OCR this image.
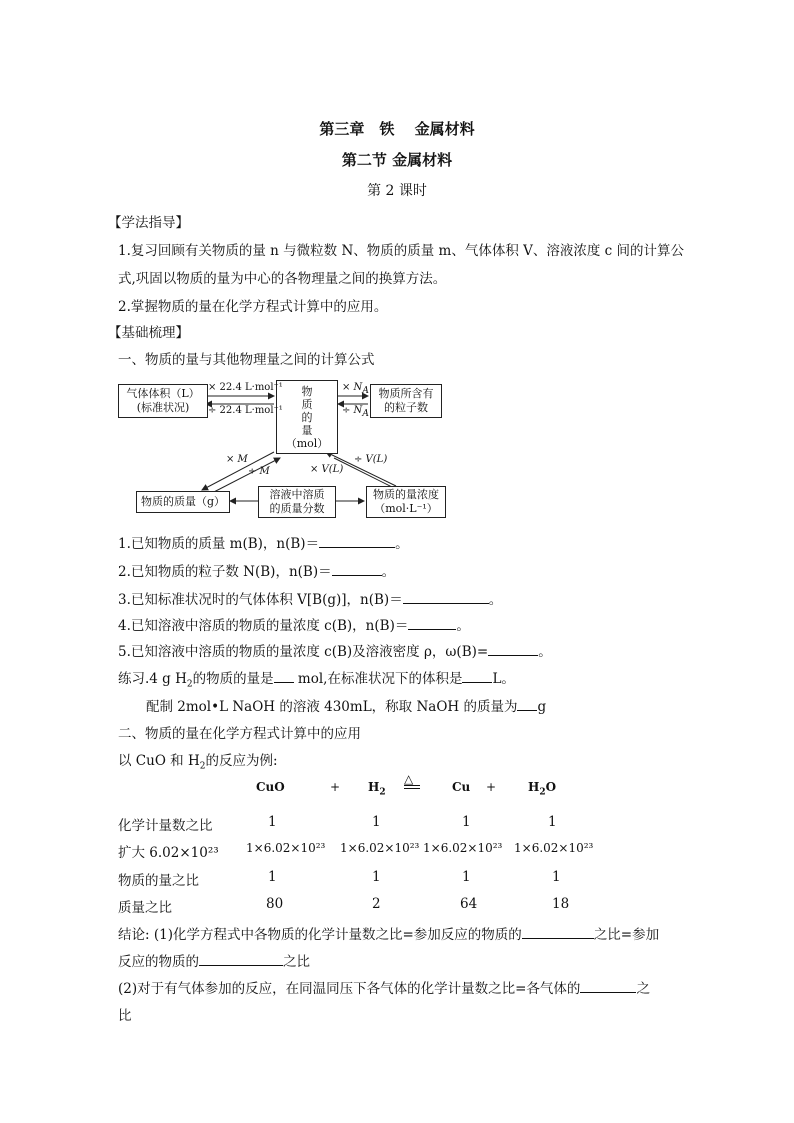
第三章　铁　 金属材料
第二节 金属材料
第 2 课时
【学法指导】
1.复习回顾有关物质的量 n 与微粒数 N、物质的质量 m、气体体积 V、溶液浓度 c 间的计算公
式,巩固以物质的量为中心的各物理量之间的换算方法。
2.掌握物质的量在化学方程式计算中的应用。
【基础梳理】
一、物质的量与其他物理量之间的计算公式
气体体积（L）
(标准状况)
物
质
的
量
（mol）
物质所含有
的粒子数
物质的质量（g）
溶液中溶质
的质量分数
物质的量浓度
（mol·L⁻¹）
× 22.4 L·mol⁻¹
÷ 22.4 L·mol⁻¹
× $N_A$
÷ $N_A$
× M
÷ M
÷ V(L)
× V(L)
1.已知物质的质量 m(B)，n(B)＝	。
2.已知物质的粒子数 N(B)，n(B)＝	。
3.已知标准状况时的气体体积 V[B(g)]，n(B)＝	。
4.已知溶液中溶质的物质的量浓度 c(B)，n(B)＝	。
5.已知溶液中溶质的物质的量浓度 c(B)及溶液密度 ρ，ω(B)=	。
练习.4 g $H_2$的物质的量是 mol,在标准状况下的体积是 L。
配制 2mol•L NaOH 的溶液 430mL，称取 NaOH 的质量为 g
二、物质的量在化学方程式计算中的应用
以 CuO 和 $H_2$的反应为例:
CuO	+ $H_2$
△
Cu +	$H_2O$
化学计量数之比	1	1	1	1
扩大 6.02×10²³ 1×6.02×10²³ 1×6.02×10²³ 1×6.02×10²³ 1×6.02×10²³
物质的量之比	1	1	1	1
质量之比	80	2	64	18
结论: (1)化学方程式中各物质的化学计量数之比=参加反应的物质的	之比=参加
反应的物质的	之比
(2)对于有气体参加的反应，在同温同压下各气体的化学计量数之比=各气体的	之
比
